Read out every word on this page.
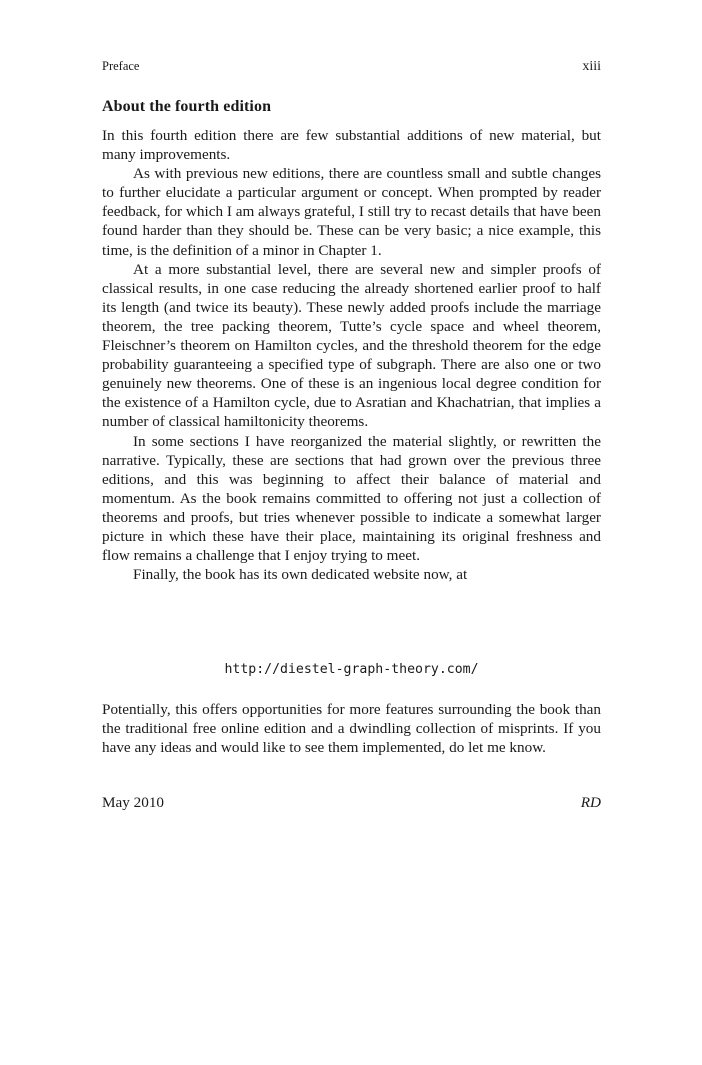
Preface	xiii
About the fourth edition

In this fourth edition there are few substantial additions of new material, but many improvements.

As with previous new editions, there are countless small and subtle changes to further elucidate a particular argument or concept. When prompted by reader feedback, for which I am always grateful, I still try to recast details that have been found harder than they should be. These can be very basic; a nice example, this time, is the definition of a minor in Chapter 1.

At a more substantial level, there are several new and simpler proofs of classical results, in one case reducing the already shortened earlier proof to half its length (and twice its beauty). These newly added proofs include the marriage theorem, the tree packing theorem, Tutte’s cycle space and wheel theorem, Fleischner’s theorem on Hamilton cycles, and the threshold theorem for the edge probability guaranteeing a specified type of subgraph. There are also one or two genuinely new theorems. One of these is an ingenious local degree condition for the existence of a Hamilton cycle, due to Asratian and Khachatrian, that implies a number of classical hamiltonicity theorems.

In some sections I have reorganized the material slightly, or rewritten the narrative. Typically, these are sections that had grown over the previous three editions, and this was beginning to affect their balance of material and momentum. As the book remains committed to offering not just a collection of theorems and proofs, but tries whenever possible to indicate a somewhat larger picture in which these have their place, maintaining its original freshness and flow remains a challenge that I enjoy trying to meet.

Finally, the book has its own dedicated website now, at

http://diestel-graph-theory.com/

Potentially, this offers opportunities for more features surrounding the book than the traditional free online edition and a dwindling collection of misprints. If you have any ideas and would like to see them implemented, do let me know.

May 2010	RD
